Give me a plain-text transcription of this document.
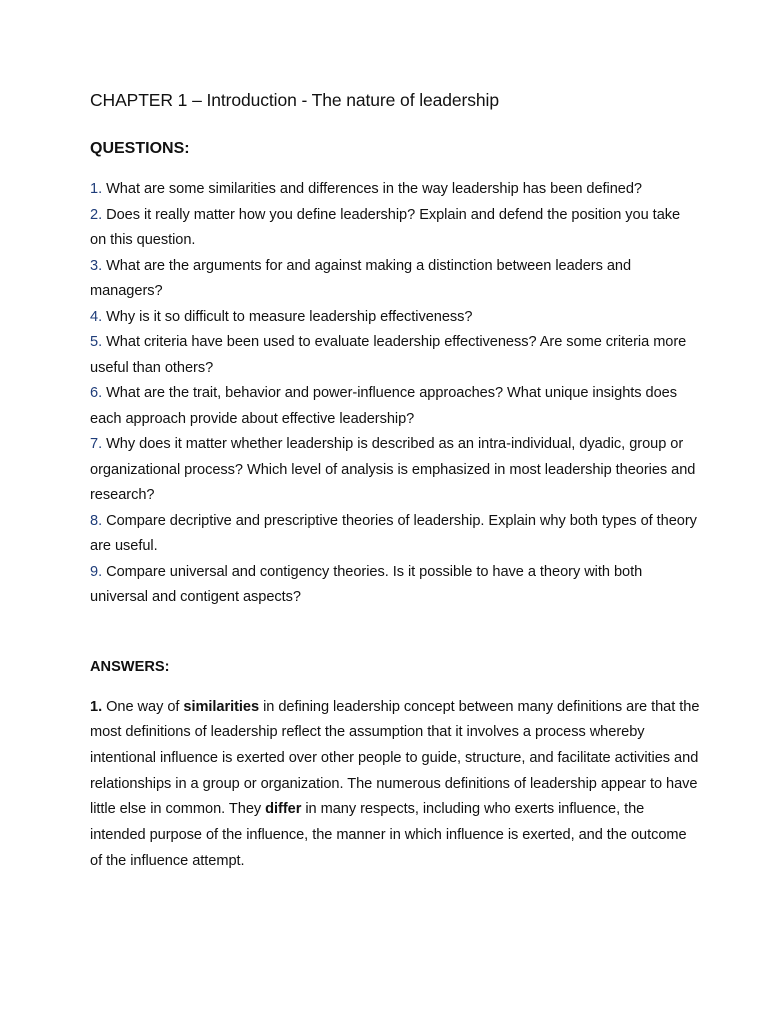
CHAPTER 1 – Introduction - The nature of leadership
QUESTIONS:

1. What are some similarities and differences in the way leadership has been defined?

2. Does it really matter how you define leadership? Explain and defend the position you take on this question.

3. What are the arguments for and against making a distinction between leaders and managers?

4. Why is it so difficult to measure leadership effectiveness?

5. What criteria have been used to evaluate leadership effectiveness? Are some criteria more useful than others?

6. What are the trait, behavior and power-influence approaches? What unique insights does each approach provide about effective leadership?

7. Why does it matter whether leadership is described as an intra-individual, dyadic, group or organizational process? Which level of analysis is emphasized in most leadership theories and research?

8. Compare decriptive and prescriptive theories of leadership. Explain why both types of theory are useful.

9. Compare universal and contigency theories. Is it possible to have a theory with both universal and contigent aspects?

ANSWERS:

1. One way of similarities in defining leadership concept between many definitions are that the most definitions of leadership reflect the assumption that it involves a process whereby intentional influence is exerted over other people to guide, structure, and facilitate activities and relationships in a group or organization. The numerous definitions of leadership appear to have little else in common. They differ in many respects, including who exerts influence, the intended purpose of the influence, the manner in which influence is exerted, and the outcome of the influence attempt.
